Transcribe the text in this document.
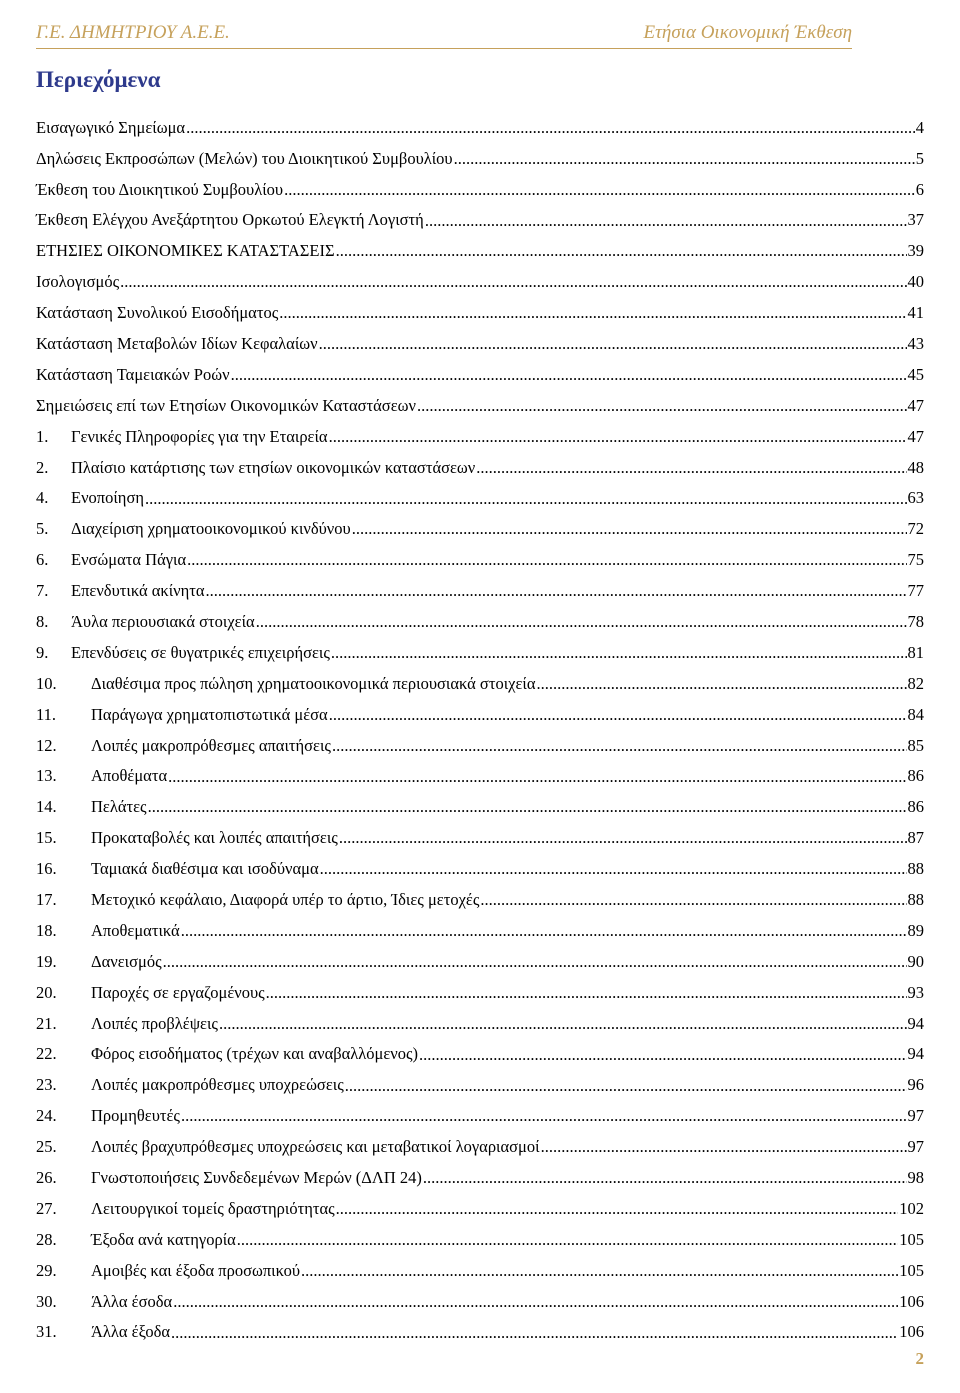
Γ.Ε. ΔΗΜΗΤΡΙΟΥ Α.Ε.Ε.	Ετήσια Οικονομική Έκθεση
Περιεχόμενα
Εισαγωγικό Σημείωμα .....	4
Δηλώσεις Εκπροσώπων (Μελών) του Διοικητικού Συμβουλίου .....	5
Έκθεση του Διοικητικού Συμβουλίου .....	6
Έκθεση Ελέγχου Ανεξάρτητου Ορκωτού Ελεγκτή Λογιστή .....	37
ΕΤΗΣΙΕΣ ΟΙΚΟΝΟΜΙΚΕΣ ΚΑΤΑΣΤΑΣΕΙΣ .....	39
Ισολογισμός .....	40
Κατάσταση Συνολικού Εισοδήματος .....	41
Κατάσταση Μεταβολών Ιδίων Κεφαλαίων .....	43
Κατάσταση Ταμειακών Ροών .....	45
Σημειώσεις επί των Ετησίων Οικονομικών Καταστάσεων .....	47
1.	Γενικές Πληροφορίες για την Εταιρεία .....	47
2.	Πλαίσιο κατάρτισης των ετησίων οικονομικών καταστάσεων .....	48
4.	Ενοποίηση .....	63
5.	Διαχείριση χρηματοοικονομικού κινδύνου .....	72
6.	Ενσώματα Πάγια .....	75
7.	Επενδυτικά ακίνητα .....	77
8.	Άυλα περιουσιακά στοιχεία .....	78
9.	Επενδύσεις σε θυγατρικές επιχειρήσεις .....	81
10.	Διαθέσιμα προς πώληση χρηματοοικονομικά περιουσιακά στοιχεία .....	82
11.	Παράγωγα χρηματοπιστωτικά μέσα .....	84
12.	Λοιπές μακροπρόθεσμες απαιτήσεις .....	85
13.	Αποθέματα .....	86
14.	Πελάτες .....	86
15.	Προκαταβολές και λοιπές απαιτήσεις .....	87
16.	Ταμιακά διαθέσιμα και ισοδύναμα .....	88
17.	Μετοχικό κεφάλαιο, Διαφορά υπέρ το άρτιο, Ίδιες μετοχές .....	88
18.	Αποθεματικά .....	89
19.	Δανεισμός .....	90
20.	Παροχές σε εργαζομένους .....	93
21.	Λοιπές προβλέψεις .....	94
22.	Φόρος εισοδήματος (τρέχων και αναβαλλόμενος) .....	94
23.	Λοιπές μακροπρόθεσμες υποχρεώσεις .....	96
24.	Προμηθευτές .....	97
25.	Λοιπές βραχυπρόθεσμες υποχρεώσεις και μεταβατικοί λογαριασμοί .....	97
26.	Γνωστοποιήσεις Συνδεδεμένων Μερών (ΔΛΠ 24) .....	98
27.	Λειτουργικοί τομείς δραστηριότητας .....	102
28.	Έξοδα ανά κατηγορία .....	105
29.	Αμοιβές και έξοδα προσωπικού .....	105
30.	Άλλα έσοδα .....	106
31.	Άλλα έξοδα .....	106
2
